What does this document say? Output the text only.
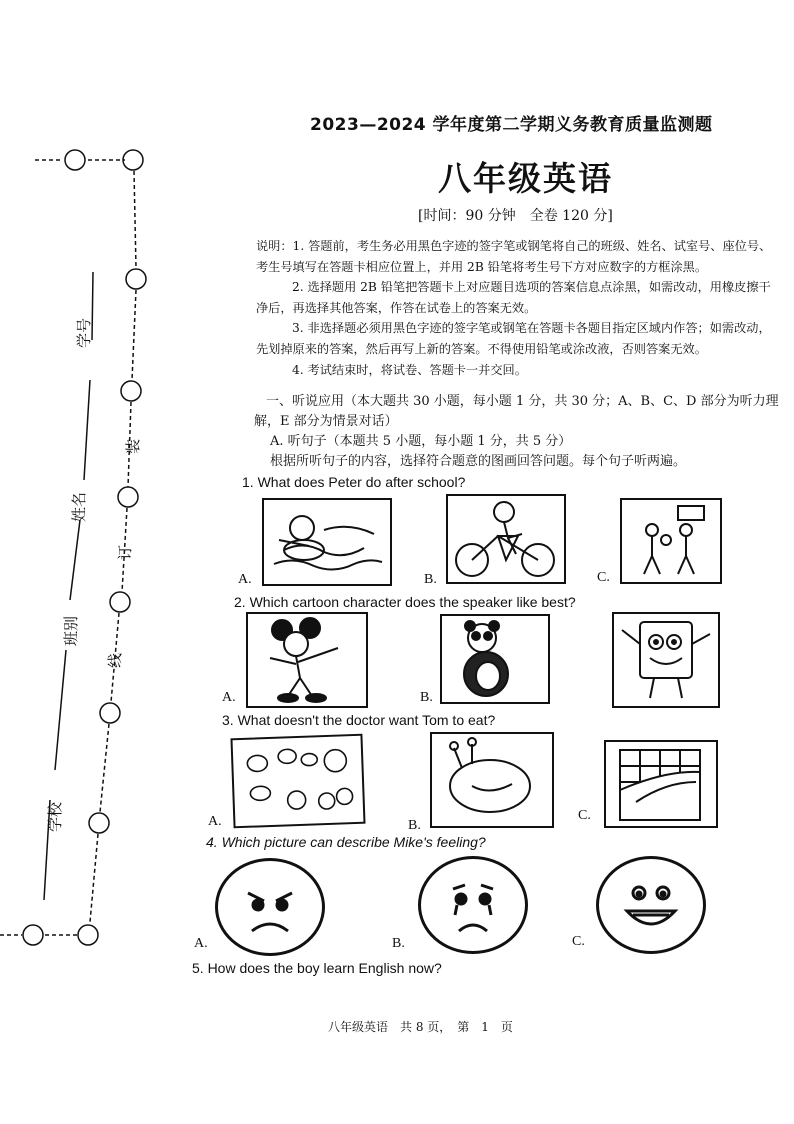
学号
姓名
班别
学校
装
订
线
2023—2024 学年度第二学期义务教育质量监测题
八年级英语
[时间：90 分钟　全卷 120 分]

说明：1. 答题前，考生务必用黑色字迹的签字笔或钢笔将自己的班级、姓名、试室号、座位号、考生号填写在答题卡相应位置上，并用 2B 铅笔将考生号下方对应数字的方框涂黑。

2. 选择题用 2B 铅笔把答题卡上对应题目选项的答案信息点涂黑，如需改动，用橡皮擦干净后，再选择其他答案，作答在试卷上的答案无效。

3. 非选择题必须用黑色字迹的签字笔或钢笔在答题卡各题目指定区域内作答；如需改动，先划掉原来的答案，然后再写上新的答案。不得使用铅笔或涂改液，否则答案无效。

4. 考试结束时，将试卷、答题卡一并交回。

一、听说应用（本大题共 30 小题，每小题 1 分，共 30 分；A、B、C、D 部分为听力理解，E 部分为情景对话）

A. 听句子（本题共 5 小题，每小题 1 分，共 5 分）

根据所听句子的内容，选择符合题意的图画回答问题。每个句子听两遍。

1. What does Peter do after school?
A.	B.	C.
2. Which cartoon character does the speaker like best?
A.	B.
3. What doesn't the doctor want Tom to eat?
A.	B.
C.
4. Which picture can describe Mike's feeling?
A.	B.	C.
5. How does the boy learn English now?
八年级英语　共 8 页，　第　1　页
